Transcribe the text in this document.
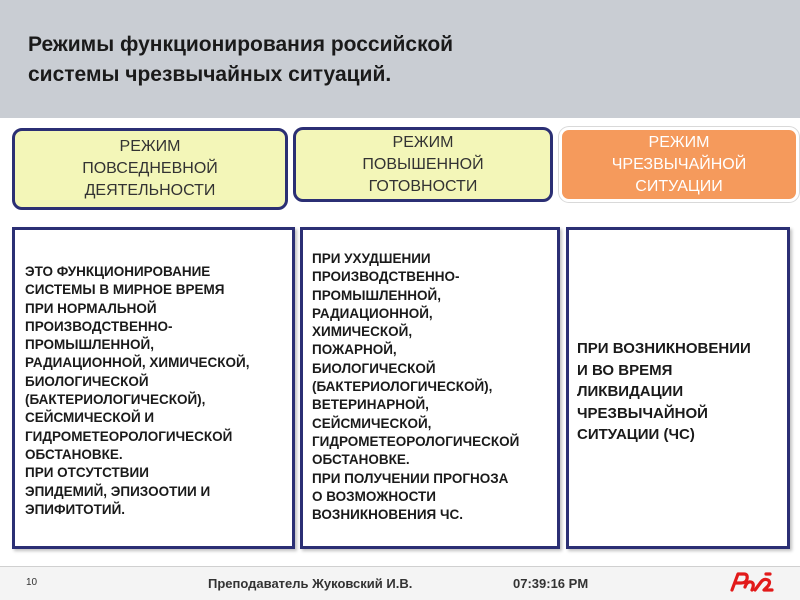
Режимы функционирования российской
системы чрезвычайных ситуаций.
РЕЖИМ
ПОВСЕДНЕВНОЙ
ДЕЯТЕЛЬНОСТИ
РЕЖИМ
ПОВЫШЕННОЙ
ГОТОВНОСТИ
РЕЖИМ
ЧРЕЗВЫЧАЙНОЙ
СИТУАЦИИ
ЭТО ФУНКЦИОНИРОВАНИЕ
СИСТЕМЫ В МИРНОЕ ВРЕМЯ
ПРИ НОРМАЛЬНОЙ
ПРОИЗВОДСТВЕННО-
ПРОМЫШЛЕННОЙ,
РАДИАЦИОННОЙ, ХИМИЧЕСКОЙ,
БИОЛОГИЧЕСКОЙ
(БАКТЕРИОЛОГИЧЕСКОЙ),
СЕЙСМИЧЕСКОЙ И
ГИДРОМЕТЕОРОЛОГИЧЕСКОЙ
ОБСТАНОВКЕ.
ПРИ ОТСУТСТВИИ
ЭПИДЕМИЙ, ЭПИЗООТИИ И
ЭПИФИТОТИЙ.
ПРИ УХУДШЕНИИ
ПРОИЗВОДСТВЕННО-
ПРОМЫШЛЕННОЙ,
РАДИАЦИОННОЙ,
ХИМИЧЕСКОЙ,
ПОЖАРНОЙ,
БИОЛОГИЧЕСКОЙ
(БАКТЕРИОЛОГИЧЕСКОЙ),
ВЕТЕРИНАРНОЙ,
СЕЙСМИЧЕСКОЙ,
ГИДРОМЕТЕОРОЛОГИЧЕСКОЙ
ОБСТАНОВКЕ.
ПРИ ПОЛУЧЕНИИ ПРОГНОЗА
О ВОЗМОЖНОСТИ
ВОЗНИКНОВЕНИЯ ЧС.
ПРИ ВОЗНИКНОВЕНИИ
И ВО ВРЕМЯ
ЛИКВИДАЦИИ
ЧРЕЗВЫЧАЙНОЙ
СИТУАЦИИ (ЧС)
10	Преподаватель Жуковский И.В.	07:39:16 PM
